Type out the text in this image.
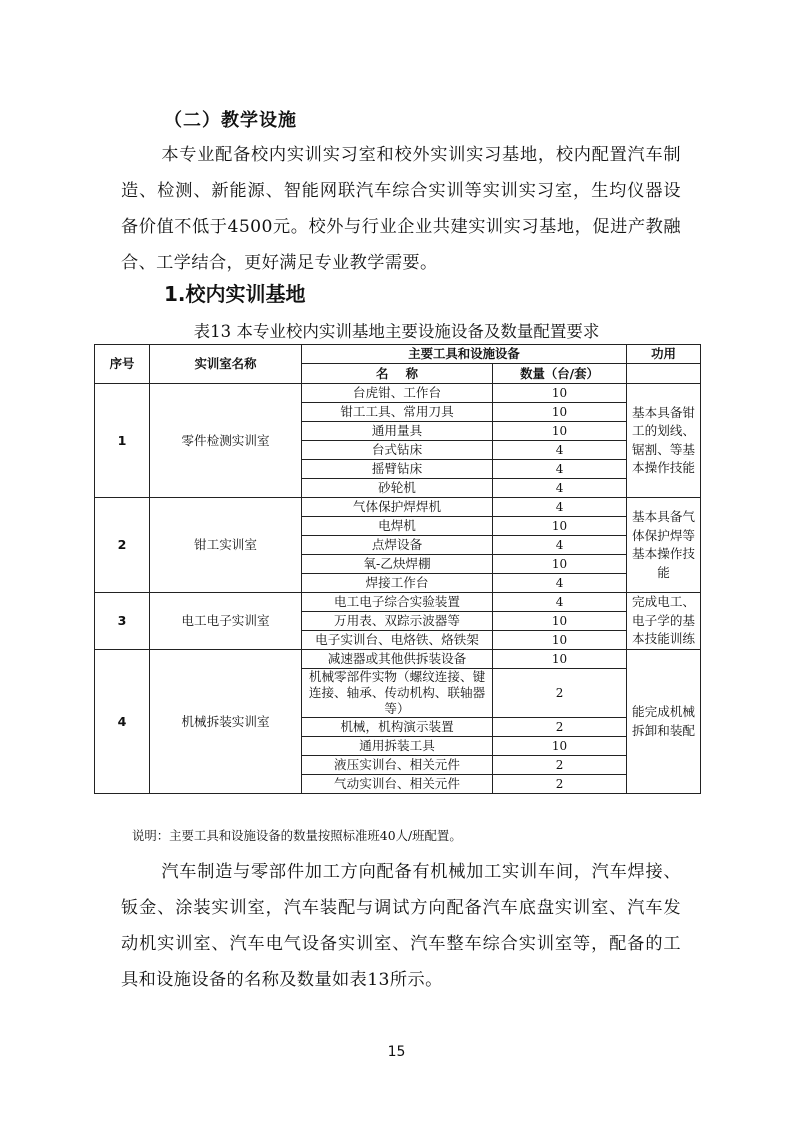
（二）教学设施
本专业配备校内实训实习室和校外实训实习基地，校内配置汽车制造、检测、新能源、智能网联汽车综合实训等实训实习室，生均仪器设备价值不低于4500元。校外与行业企业共建实训实习基地，促进产教融合、工学结合，更好满足专业教学需要。
1.校内实训基地
表13 本专业校内实训基地主要设施设备及数量配置要求
序号	实训室名称	主要工具和设施设备		功用
		名    称	数量（台/套）	
1	零件检测实训室	台虎钳、工作台	10	基本具备钳工的划线、锯割、等基本操作技能
		钳工工具、常用刀具	10	
		通用量具	10	
		台式钻床	4	
		摇臂钻床	4	
		砂轮机	4	
2	钳工实训室	气体保护焊焊机	4	基本具备气体保护焊等基本操作技能
		电焊机	10	
		点焊设备	4	
		氧-乙炔焊棚	10	
		焊接工作台	4	
3	电工电子实训室	电工电子综合实验装置	4	完成电工、电子学的基本技能训练
		万用表、双踪示波器等	10	
		电子实训台、电烙铁、烙铁架	10	
4	机械拆装实训室	减速器或其他供拆装设备	10	能完成机械拆卸和装配
		机械零部件实物（螺纹连接、键连接、轴承、传动机构、联轴器等）	2	
		机械，机构演示装置	2	
		通用拆装工具	10	
		液压实训台、相关元件	2	
		气动实训台、相关元件	2	
说明：主要工具和设施设备的数量按照标准班40人/班配置。
汽车制造与零部件加工方向配备有机械加工实训车间，汽车焊接、钣金、涂装实训室，汽车装配与调试方向配备汽车底盘实训室、汽车发动机实训室、汽车电气设备实训室、汽车整车综合实训室等，配备的工具和设施设备的名称及数量如表13所示。
15
